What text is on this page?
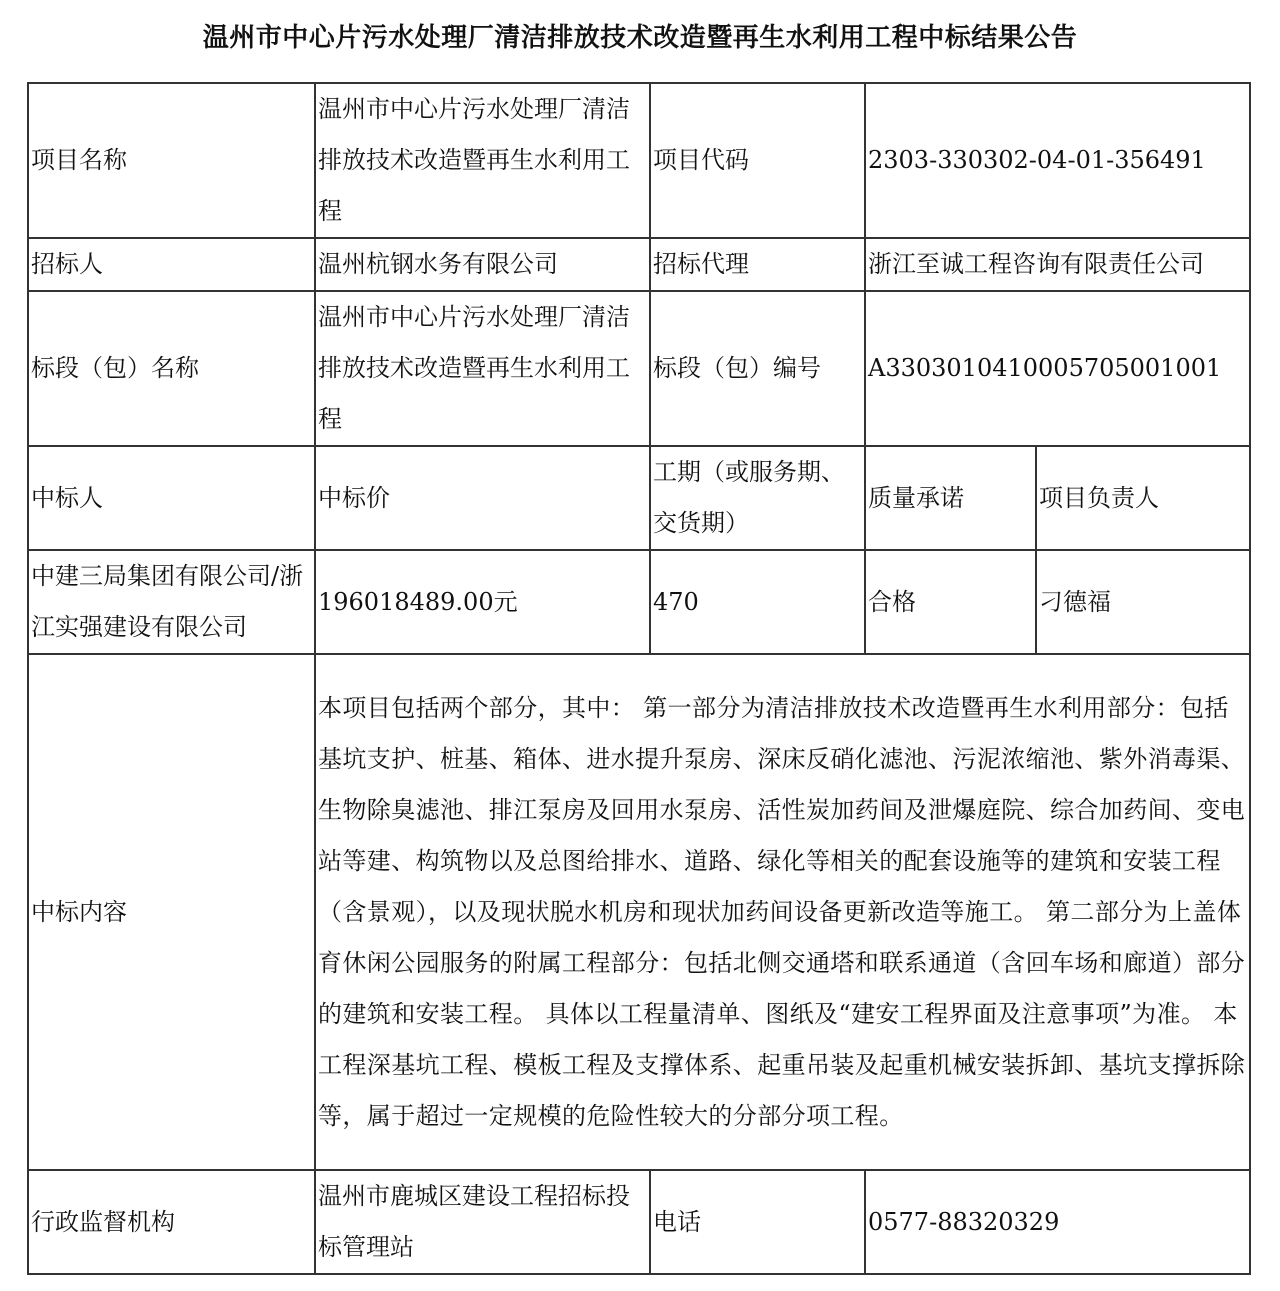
温州市中心片污水处理厂清洁排放技术改造暨再生水利用工程中标结果公告
项目名称	温州市中心片污水处理厂清洁排放技术改造暨再生水利用工程	项目代码	2303-330302-04-01-356491	
招标人	温州杭钢水务有限公司	招标代理	浙江至诚工程咨询有限责任公司	
标段（包）名称	温州市中心片污水处理厂清洁排放技术改造暨再生水利用工程	标段（包）编号	A3303010410005705001001	
中标人	中标价	工期（或服务期、交货期）	质量承诺	项目负责人
中建三局集团有限公司/浙江实强建设有限公司	196018489.00元	470	合格	刁德福
中标内容	本项目包括两个部分，其中： 第一部分为清洁排放技术改造暨再生水利用部分：包括基坑支护、桩基、箱体、进水提升泵房、深床反硝化滤池、污泥浓缩池、紫外消毒渠、生物除臭滤池、排江泵房及回用水泵房、活性炭加药间及泄爆庭院、综合加药间、变电站等建、构筑物以及总图给排水、道路、绿化等相关的配套设施等的建筑和安装工程（含景观），以及现状脱水机房和现状加药间设备更新改造等施工。 第二部分为上盖体育休闲公园服务的附属工程部分：包括北侧交通塔和联系通道（含回车场和廊道）部分的建筑和安装工程。 具体以工程量清单、图纸及“建安工程界面及注意事项”为准。 本工程深基坑工程、模板工程及支撑体系、起重吊装及起重机械安装拆卸、基坑支撑拆除等，属于超过一定规模的危险性较大的分部分项工程。			
行政监督机构	温州市鹿城区建设工程招标投标管理站	电话	0577-88320329	
